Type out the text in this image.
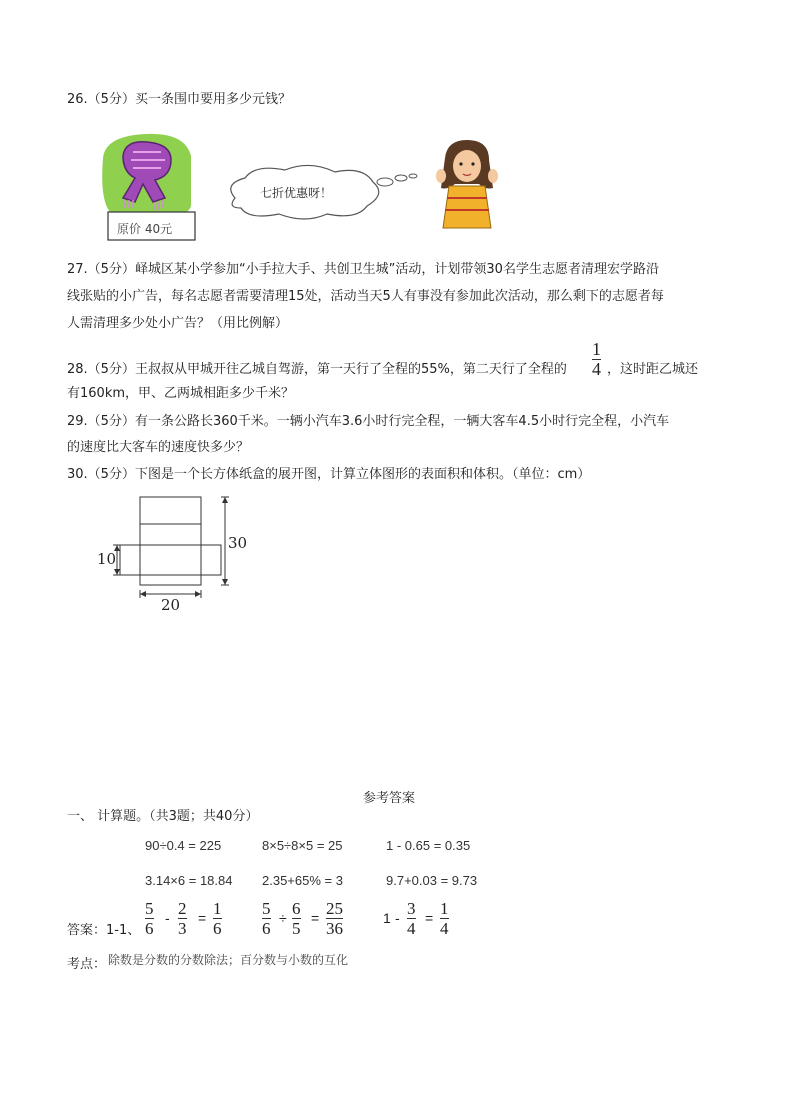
26.（5分）买一条围巾要用多少元钱？
原价 40元
七折优惠呀！
27.（5分）峄城区某小学参加“小手拉大手、共创卫生城”活动，计划带领30名学生志愿者清理宏学路沿
线张贴的小广告，每名志愿者需要清理15处，活动当天5人有事没有参加此次活动，那么剩下的志愿者每
人需清理多少处小广告？（用比例解）
28.（5分）王叔叔从甲城开往乙城自驾游，第一天行了全程的55%，第二天行了全程的
1
4 ，这时距乙城还
有160km，甲、乙两城相距多少千米？
29.（5分）有一条公路长360千米。一辆小汽车3.6小时行完全程，一辆大客车4.5小时行完全程，小汽车
的速度比大客车的速度快多少？
30.（5分）下图是一个长方体纸盒的展开图，计算立体图形的表面积和体积。（单位：cm）
10
30
20
参考答案
一、 计算题。（共3题；共40分）
90÷0.4 = 225	8×5÷8×5 = 25	1 - 0.65 = 0.35
3.14×6 = 18.84 2.35+65% = 3	9.7+0.03 = 9.73
答案：1-1、
5
6
- 2
3
= 1
6
5
6
÷ 6
5
= 25
36
1 - 3
4
= 1
4
考点： 除数是分数的分数除法；百分数与小数的互化
